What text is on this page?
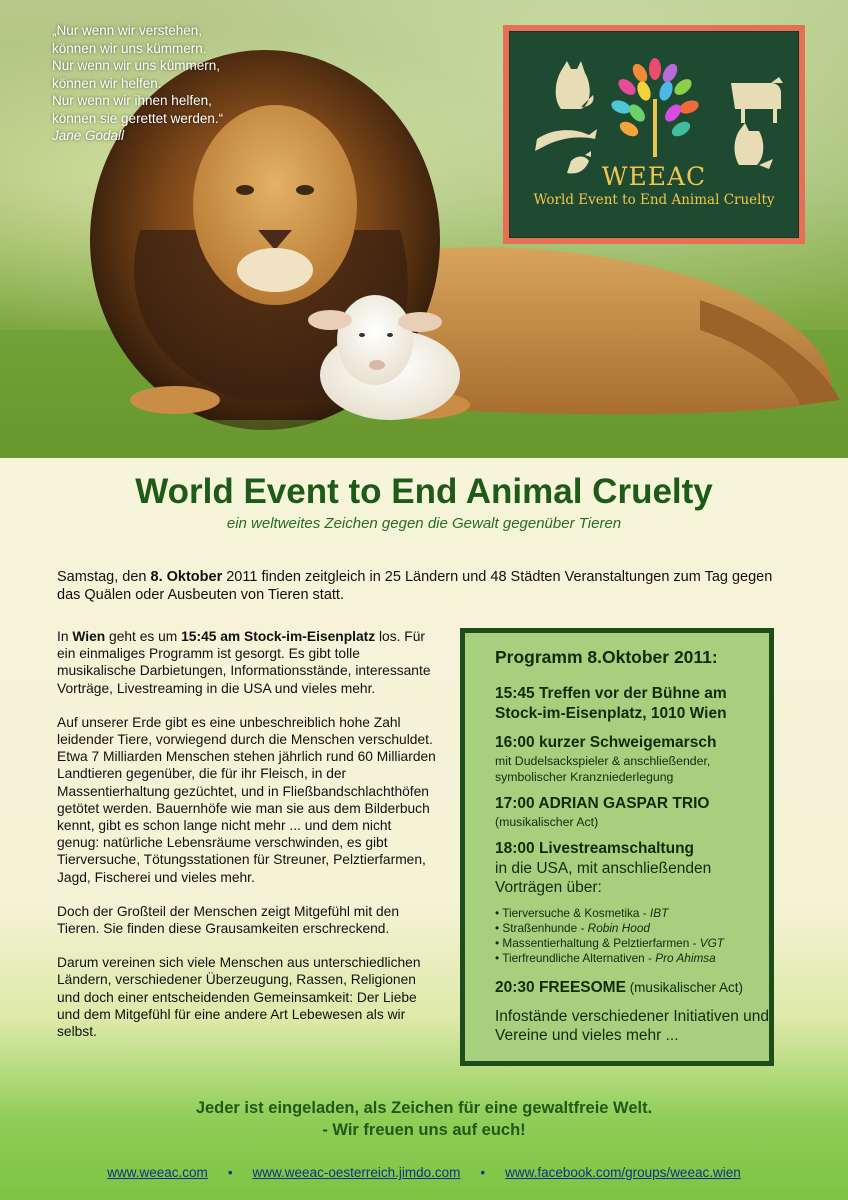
„Nur wenn wir verstehen,
können wir uns kümmern.
Nur wenn wir uns kümmern,
können wir helfen.
Nur wenn wir ihnen helfen,
können sie gerettet werden.“
Jane Godall
WEEAC
World Event to End Animal Cruelty
World Event to End Animal Cruelty
ein weltweites Zeichen gegen die Gewalt gegenüber Tieren

Samstag, den 8. Oktober 2011 finden zeitgleich in 25 Ländern und 48 Städten Veranstaltungen zum Tag gegen das Quälen oder Ausbeuten von Tieren statt.

In Wien geht es um 15:45 am Stock-im-Eisenplatz los. Für ein einmaliges Programm ist gesorgt. Es gibt tolle musikalische Darbietungen, Informationsstände, interessante Vorträge, Livestreaming in die USA und vieles mehr.

Auf unserer Erde gibt es eine unbeschreiblich hohe Zahl leidender Tiere, vorwiegend durch die Menschen verschuldet. Etwa 7 Milliarden Menschen stehen jährlich rund 60 Milliarden Landtieren gegenüber, die für ihr Fleisch, in der Massentierhaltung gezüchtet, und in Fließbandschlachthöfen getötet werden. Bauernhöfe wie man sie aus dem Bilderbuch kennt, gibt es schon lange nicht mehr ... und dem nicht genug: natürliche Lebensräume verschwinden, es gibt Tierversuche, Tötungsstationen für Streuner, Pelztierfarmen, Jagd, Fischerei und vieles mehr.

Doch der Großteil der Menschen zeigt Mitgefühl mit den Tieren. Sie finden diese Grausamkeiten erschreckend.

Darum vereinen sich viele Menschen aus unterschiedlichen Ländern, verschiedener Überzeugung, Rassen, Religionen und doch einer entscheidenden Gemeinsamkeit: Der Liebe und dem Mitgefühl für eine andere Art Lebewesen als wir selbst.

Programm 8.Oktober 2011:
15:45 Treffen vor der Bühne am Stock-im-Eisenplatz, 1010 Wien
16:00 kurzer Schweigemarsch
mit Dudelsackspieler & anschließender, symbolischer Kranzniederlegung
17:00 ADRIAN GASPAR TRIO
(musikalischer Act)
18:00 Livestreamschaltung
in die USA, mit anschließenden Vorträgen über:
• Tierversuche & Kosmetika - IBT
• Straßenhunde - Robin Hood
• Massentierhaltung & Pelztierfarmen - VGT
• Tierfreundliche Alternativen - Pro Ahimsa
20:30 FREESOME (musikalischer Act)
Infostände verschiedener Initiativen und Vereine und vieles mehr ...
Jeder ist eingeladen, als Zeichen für eine gewaltfreie Welt.
- Wir freuen uns auf euch!
www.weeac.com • www.weeac-oesterreich.jimdo.com • www.facebook.com/groups/weeac.wien
